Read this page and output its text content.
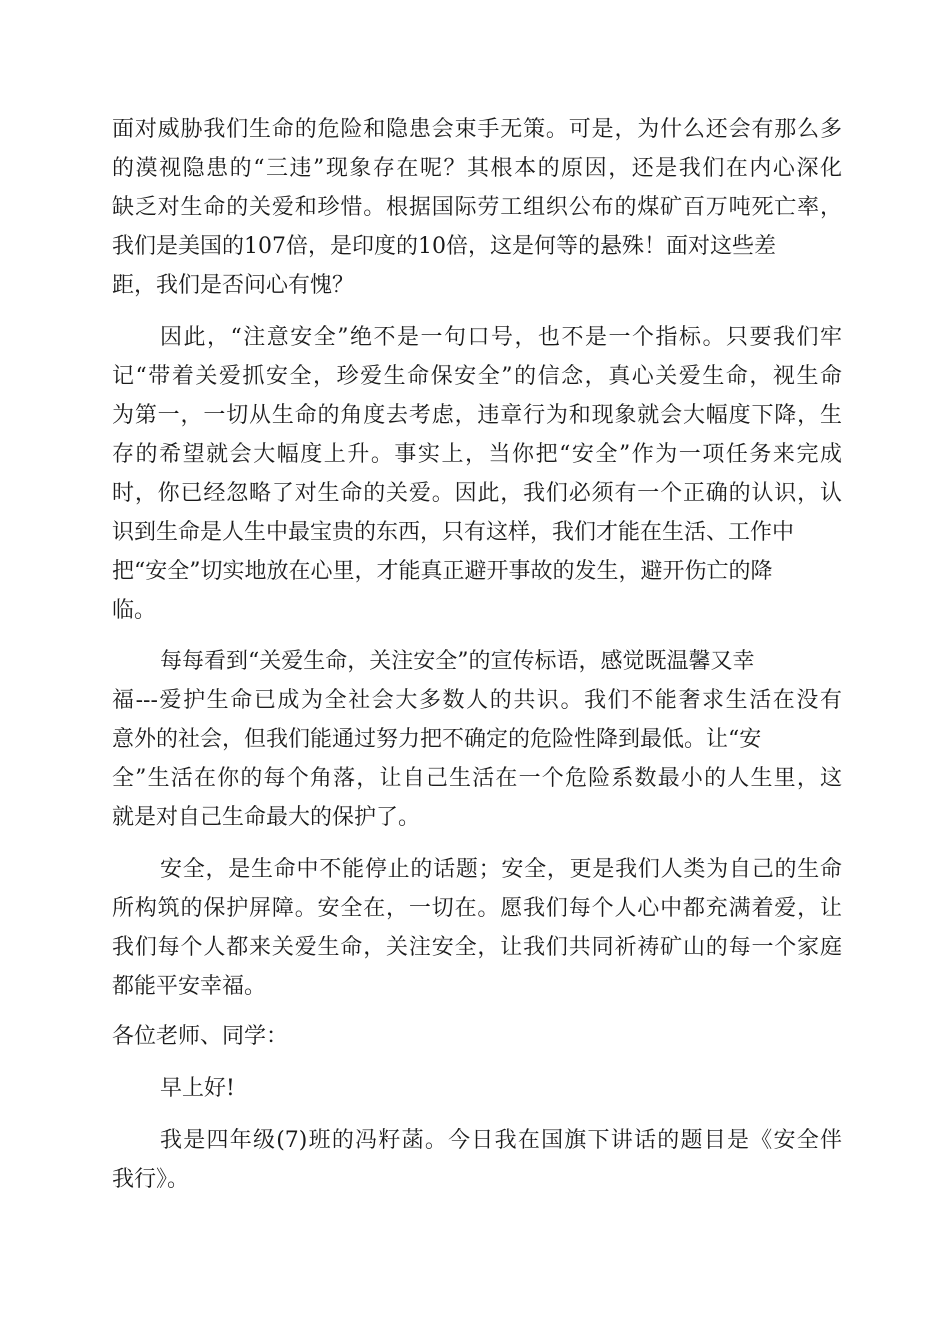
面对威胁我们生命的危险和隐患会束手无策。可是，为什么还会有那么多
的漠视隐患的“三违”现象存在呢？其根本的原因，还是我们在内心深化
缺乏对生命的关爱和珍惜。根据国际劳工组织公布的煤矿百万吨死亡率，
我们是美国的107倍，是印度的10倍，这是何等的悬殊！面对这些差
距，我们是否问心有愧？
因此，“注意安全”绝不是一句口号，也不是一个指标。只要我们牢
记“带着关爱抓安全，珍爱生命保安全”的信念，真心关爱生命，视生命
为第一，一切从生命的角度去考虑，违章行为和现象就会大幅度下降，生
存的希望就会大幅度上升。事实上，当你把“安全”作为一项任务来完成
时，你已经忽略了对生命的关爱。因此，我们必须有一个正确的认识，认
识到生命是人生中最宝贵的东西，只有这样，我们才能在生活、工作中
把“安全”切实地放在心里，才能真正避开事故的发生，避开伤亡的降
临。
每每看到“关爱生命，关注安全”的宣传标语，感觉既温馨又幸
福---爱护生命已成为全社会大多数人的共识。我们不能奢求生活在没有
意外的社会，但我们能通过努力把不确定的危险性降到最低。让“安
全”生活在你的每个角落，让自己生活在一个危险系数最小的人生里，这
就是对自己生命最大的保护了。
安全，是生命中不能停止的话题；安全，更是我们人类为自己的生命
所构筑的保护屏障。安全在，一切在。愿我们每个人心中都充满着爱，让
我们每个人都来关爱生命，关注安全，让我们共同祈祷矿山的每一个家庭
都能平安幸福。
各位老师、同学：
早上好!
我是四年级(7)班的冯籽菡。今日我在国旗下讲话的题目是《安全伴
我行》。
